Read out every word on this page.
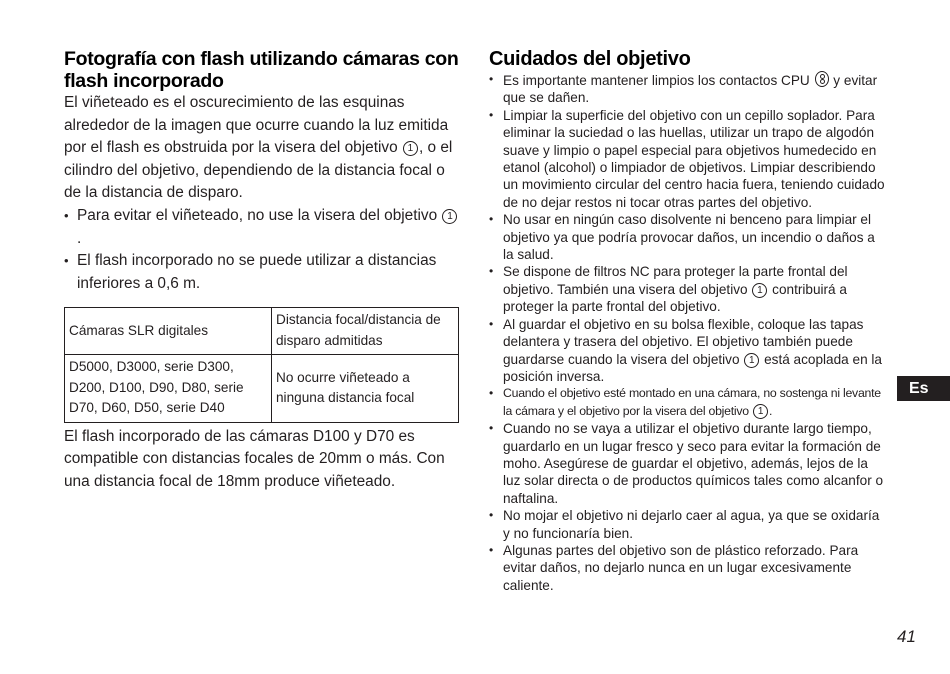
Fotografía con flash utilizando cámaras con flash incorporado

El viñeteado es el oscurecimiento de las esquinas alrededor de la imagen que ocurre cuando la luz emitida por el flash es obstruida por la visera del objetivo 1 , o el cilindro del objetivo, dependiendo de la distancia focal o de la distancia de disparo.

• Para evitar el viñeteado, no use la visera del objetivo 1.
• El flash incorporado no se puede utilizar a distancias inferiores a 0,6 m.
Cámaras SLR digitales	Distancia focal/distancia de disparo admitidas
D5000, D3000, serie D300, D200, D100, D90, D80, serie D70, D60, D50, serie D40	No ocurre viñeteado a ninguna distancia focal

El flash incorporado de las cámaras D100 y D70 es compatible con distancias focales de 20mm o más. Con una distancia focal de 18mm produce viñeteado.

Cuidados del objetivo
• Es importante mantener limpios los contactos CPU  y evitar que se dañen.
• Limpiar la superficie del objetivo con un cepillo soplador. Para eliminar la suciedad o las huellas, utilizar un trapo de algodón suave y limpio o papel especial para objetivos humedecido en etanol (alcohol) o limpiador de objetivos. Limpiar describiendo un movimiento circular del centro hacia fuera, teniendo cuidado de no dejar restos ni tocar otras partes del objetivo.
• No usar en ningún caso disolvente ni benceno para limpiar el objetivo ya que podría provocar daños, un incendio o daños a la salud.
• Se dispone de filtros NC para proteger la parte frontal del objetivo. También una visera del objetivo 1 contribuirá a proteger la parte frontal del objetivo.
• Al guardar el objetivo en su bolsa flexible, coloque las tapas delantera y trasera del objetivo. El objetivo también puede guardarse cuando la visera del objetivo 1 está acoplada en la posición inversa.
• Cuando el objetivo esté montado en una cámara, no sostenga ni levante la cámara y el objetivo por la visera del objetivo 1 .
• Cuando no se vaya a utilizar el objetivo durante largo tiempo, guardarlo en un lugar fresco y seco para evitar la formación de moho. Asegúrese de guardar el objetivo, además, lejos de la luz solar directa o de productos químicos tales como alcanfor o naftalina.
• No mojar el objetivo ni dejarlo caer al agua, ya que se oxidaría y no funcionaría bien.
• Algunas partes del objetivo son de plástico reforzado. Para evitar daños, no dejarlo nunca en un lugar excesivamente caliente.
Es
41
